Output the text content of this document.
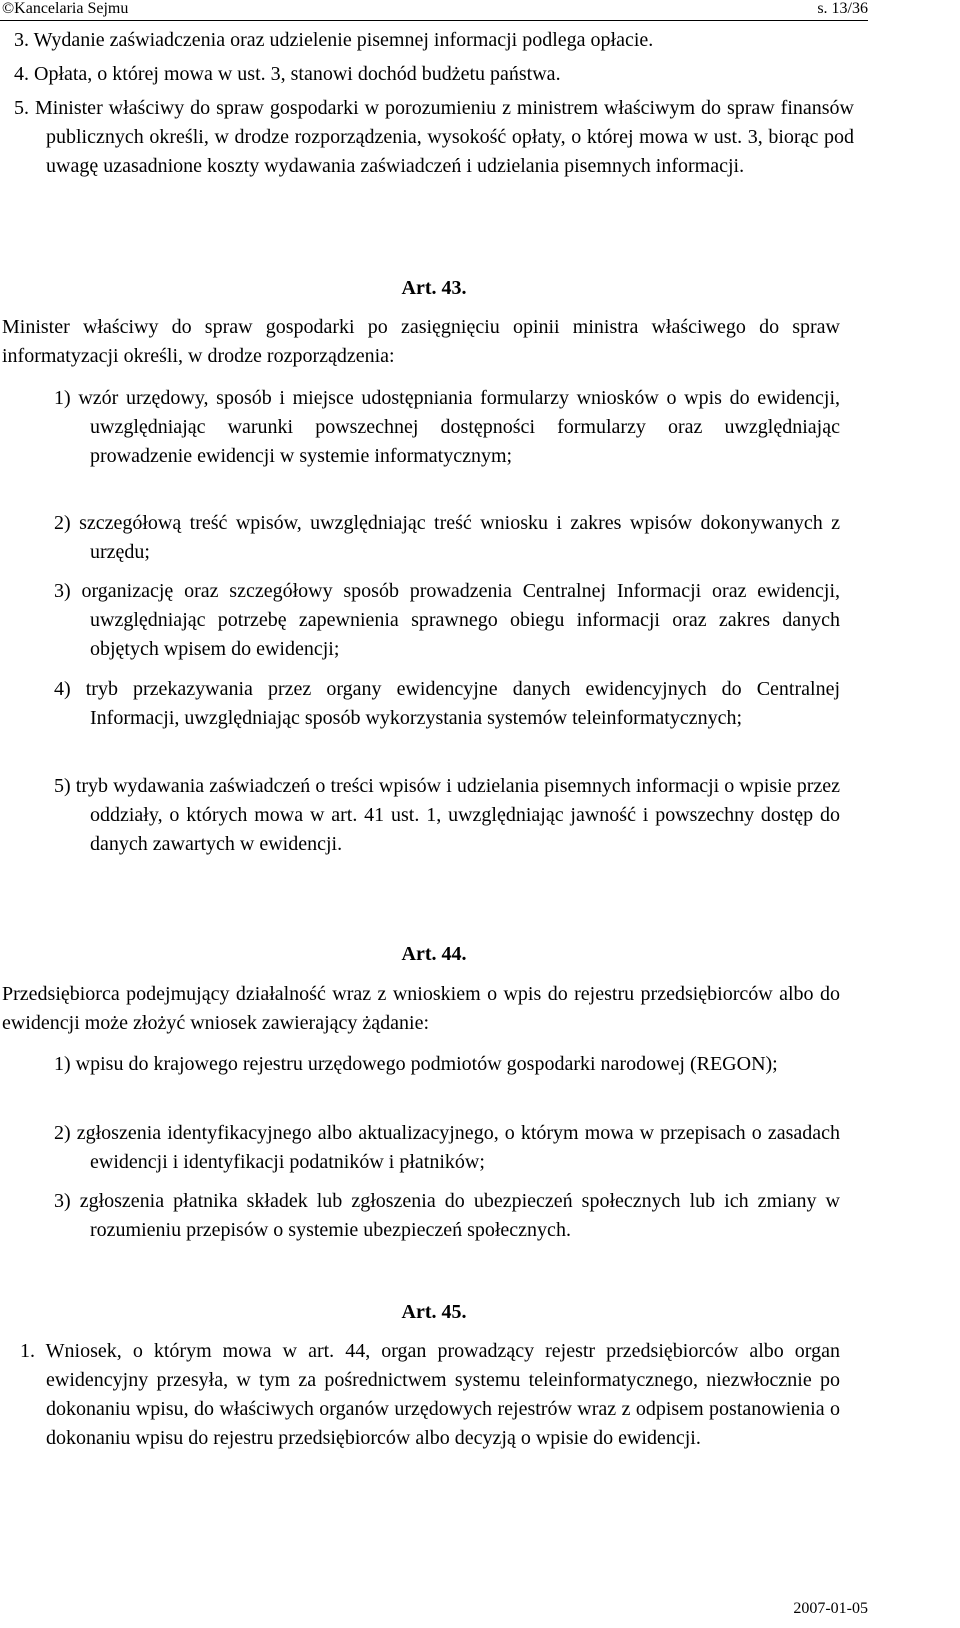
©Kancelaria Sejmu	s. 13/36

3. Wydanie zaświadczenia oraz udzielenie pisemnej informacji podlega opłacie.

4. Opłata, o której mowa w ust. 3, stanowi dochód budżetu państwa.

5. Minister właściwy do spraw gospodarki w porozumieniu z ministrem właściwym do spraw finansów publicznych określi, w drodze rozporządzenia, wysokość opłaty, o której mowa w ust. 3, biorąc pod uwagę uzasadnione koszty wydawania zaświadczeń i udzielania pisemnych informacji.

Art. 43.

Minister właściwy do spraw gospodarki po zasięgnięciu opinii ministra właściwego do spraw informatyzacji określi, w drodze rozporządzenia:

1) wzór urzędowy, sposób i miejsce udostępniania formularzy wniosków o wpis do ewidencji, uwzględniając warunki powszechnej dostępności formularzy oraz uwzględniając prowadzenie ewidencji w systemie informatycznym;

2) szczegółową treść wpisów, uwzględniając treść wniosku i zakres wpisów dokonywanych z urzędu;

3) organizację oraz szczegółowy sposób prowadzenia Centralnej Informacji oraz ewidencji, uwzględniając potrzebę zapewnienia sprawnego obiegu informacji oraz zakres danych objętych wpisem do ewidencji;

4) tryb przekazywania przez organy ewidencyjne danych ewidencyjnych do Centralnej Informacji, uwzględniając sposób wykorzystania systemów teleinformatycznych;

5) tryb wydawania zaświadczeń o treści wpisów i udzielania pisemnych informacji o wpisie przez oddziały, o których mowa w art. 41 ust. 1, uwzględniając jawność i powszechny dostęp do danych zawartych w ewidencji.

Art. 44.

Przedsiębiorca podejmujący działalność wraz z wnioskiem o wpis do rejestru przedsiębiorców albo do ewidencji może złożyć wniosek zawierający żądanie:

1) wpisu do krajowego rejestru urzędowego podmiotów gospodarki narodowej (REGON);

2) zgłoszenia identyfikacyjnego albo aktualizacyjnego, o którym mowa w przepisach o zasadach ewidencji i identyfikacji podatników i płatników;

3) zgłoszenia płatnika składek lub zgłoszenia do ubezpieczeń społecznych lub ich zmiany w rozumieniu przepisów o systemie ubezpieczeń społecznych.

Art. 45.

1. Wniosek, o którym mowa w art. 44, organ prowadzący rejestr przedsiębiorców albo organ ewidencyjny przesyła, w tym za pośrednictwem systemu teleinformatycznego, niezwłocznie po dokonaniu wpisu, do właściwych organów urzędowych rejestrów wraz z odpisem postanowienia o dokonaniu wpisu do rejestru przedsiębiorców albo decyzją o wpisie do ewidencji.

2007-01-05
